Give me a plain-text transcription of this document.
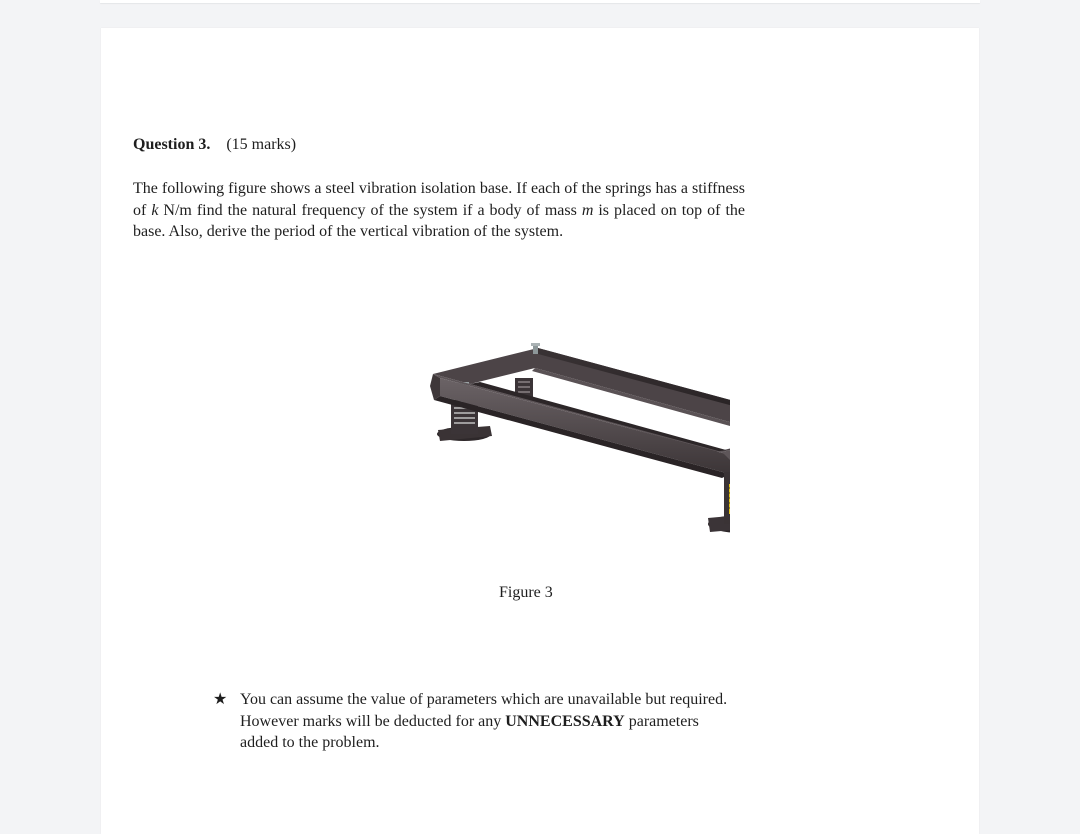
Question 3. (15 marks)
The following figure shows a steel vibration isolation base. If each of the springs has a stiffness of k N/m find the natural frequency of the system if a body of mass m is placed on top of the base. Also, derive the period of the vertical vibration of the system.
Figure 3
★ You can assume the value of parameters which are unavailable but required. However marks will be deducted for any UNNECESSARY parameters added to the problem.
